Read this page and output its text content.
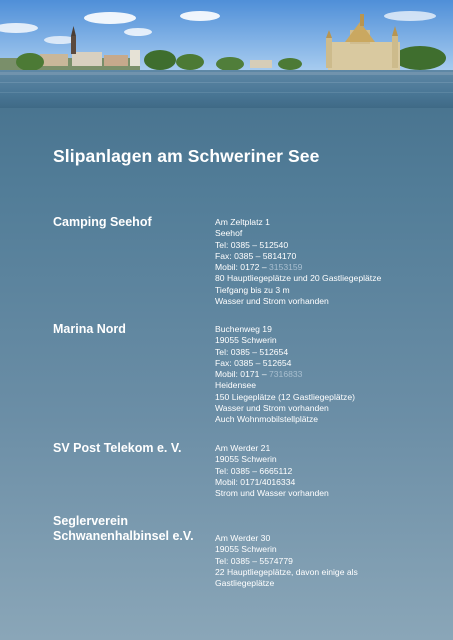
Slipanlagen am Schweriner See
Camping Seehof	Am Zeltplatz 1
Seehof
Tel: 0385 – 512540
Fax: 0385 – 5814170
Mobil: 0172 – 3153159
80 Hauptliegeplätze und 20 Gastliegeplätze
Tiefgang bis zu 3 m
Wasser und Strom vorhanden
Marina Nord	Buchenweg 19
19055 Schwerin
Tel: 0385 – 512654
Fax: 0385 – 512654
Mobil: 0171 – 7316833
Heidensee
150 Liegeplätze (12 Gastliegeplätze)
Wasser und Strom vorhanden
Auch Wohnmobilstellplätze
SV Post Telekom e. V.	Am Werder 21
19055 Schwerin
Tel: 0385 – 6665112
Mobil: 0171/4016334
Strom und Wasser vorhanden
Seglerverein
Schwanenhalbinsel e.V.	Am Werder 30
19055 Schwerin
Tel: 0385 – 5574779
22 Hauptliegeplätze, davon einige als
Gastliegeplätze
